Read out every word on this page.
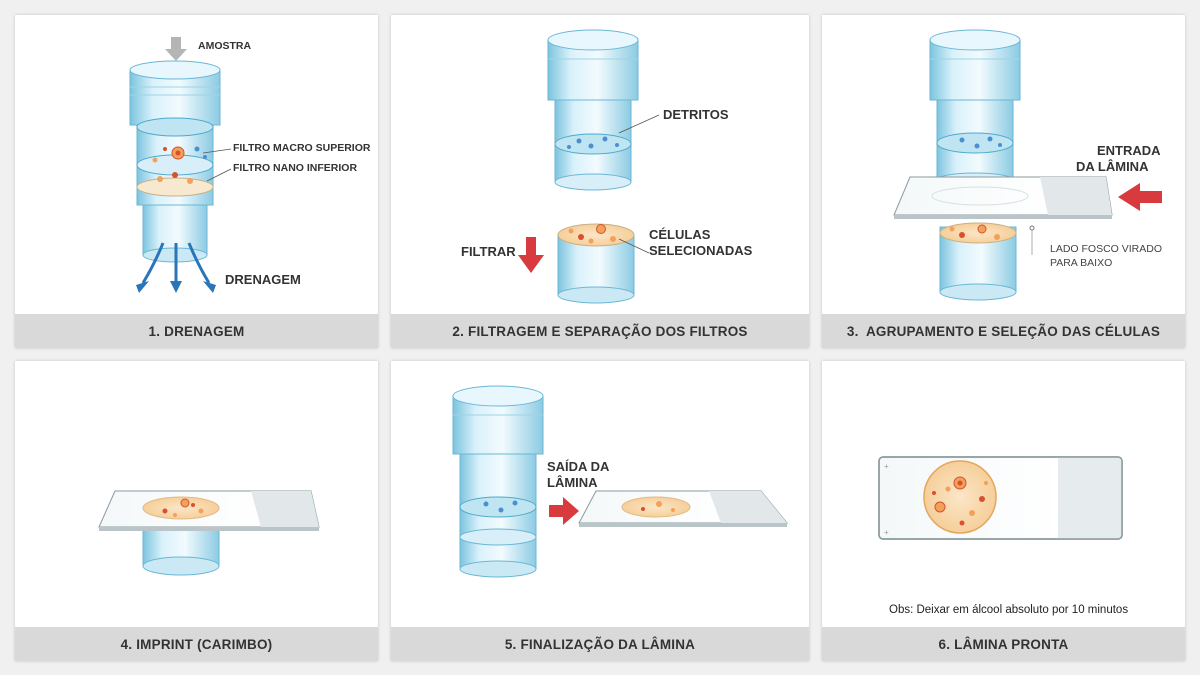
AMOSTRA
FILTRO MACRO SUPERIOR
FILTRO NANO INFERIOR
DRENAGEM
1. DRENAGEM
DETRITOS
FILTRAR
CÉLULAS
SELECIONADAS
2. FILTRAGEM E SEPARAÇÃO DOS FILTROS
ENTRADA
DA LÂMINA
LADO FOSCO VIRADO
PARA BAIXO
3.  AGRUPAMENTO E SELEÇÃO DAS CÉLULAS
4. IMPRINT (CARIMBO)
SAÍDA DA
LÂMINA
5. FINALIZAÇÃO DA LÂMINA
+
+
Obs: Deixar em álcool absoluto por 10 minutos
6. LÂMINA PRONTA
